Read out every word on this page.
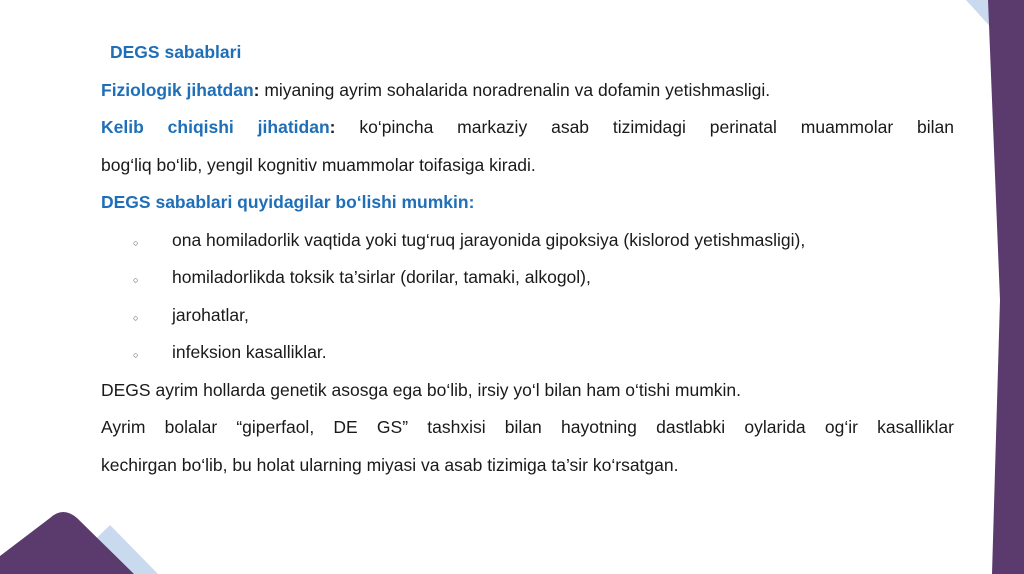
DEGS sabablari
Fiziologik jihatdan: miyaning ayrim sohalarida noradrenalin va dofamin yetishmasligi.
Kelib chiqishi jihatidan: ko‘pincha markaziy asab tizimidagi perinatal muammolar bilan
bog‘liq bo‘lib, yengil kognitiv muammolar toifasiga kiradi.
DEGS sabablari quyidagilar bo‘lishi mumkin:
○ ona homiladorlik vaqtida yoki tug‘ruq jarayonida gipoksiya (kislorod yetishmasligi),
○ homiladorlikda toksik ta’sirlar (dorilar, tamaki, alkogol),
○ jarohatlar,
○ infeksion kasalliklar.
DEGS ayrim hollarda genetik asosga ega bo‘lib, irsiy yo‘l bilan ham o‘tishi mumkin.
Ayrim bolalar “giperfaol, DE GS” tashxisi bilan hayotning dastlabki oylarida og‘ir kasalliklar
kechirgan bo‘lib, bu holat ularning miyasi va asab tizimiga ta’sir ko‘rsatgan.
